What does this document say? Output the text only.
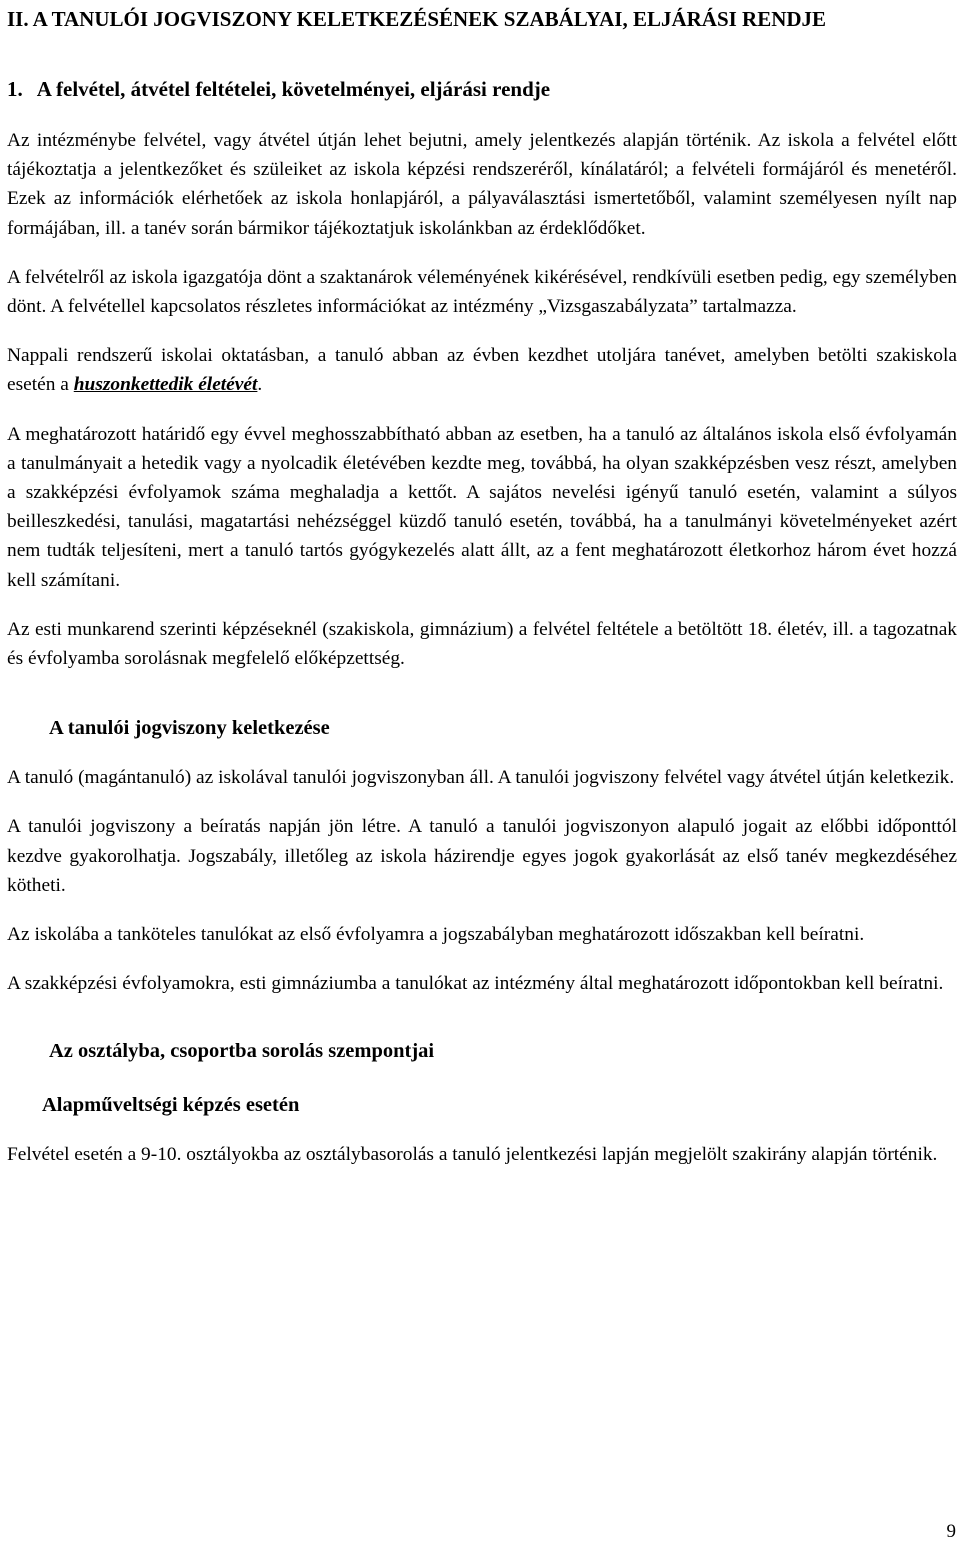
II. A TANULÓI JOGVISZONY KELETKEZÉSÉNEK SZABÁLYAI, ELJÁRÁSI RENDJE
1. A felvétel, átvétel feltételei, követelményei, eljárási rendje

Az intézménybe felvétel, vagy átvétel útján lehet bejutni, amely jelentkezés alapján történik. Az iskola a felvétel előtt tájékoztatja a jelentkezőket és szüleiket az iskola képzési rendszeréről, kínálatáról; a felvételi formájáról és menetéről. Ezek az információk elérhetőek az iskola honlapjáról, a pályaválasztási ismertetőből, valamint személyesen nyílt nap formájában, ill. a tanév során bármikor tájékoztatjuk iskolánkban az érdeklődőket.

A felvételről az iskola igazgatója dönt a szaktanárok véleményének kikérésével, rendkívüli esetben pedig, egy személyben dönt. A felvétellel kapcsolatos részletes információkat az intézmény „Vizsgaszabályzata” tartalmazza.

Nappali rendszerű iskolai oktatásban, a tanuló abban az évben kezdhet utoljára tanévet, amelyben betölti szakiskola esetén a huszonkettedik életévét.

A meghatározott határidő egy évvel meghosszabbítható abban az esetben, ha a tanuló az általános iskola első évfolyamán a tanulmányait a hetedik vagy a nyolcadik életévében kezdte meg, továbbá, ha olyan szakképzésben vesz részt, amelyben a szakképzési évfolyamok száma meghaladja a kettőt. A sajátos nevelési igényű tanuló esetén, valamint a súlyos beilleszkedési, tanulási, magatartási nehézséggel küzdő tanuló esetén, továbbá, ha a tanulmányi követelményeket azért nem tudták teljesíteni, mert a tanuló tartós gyógykezelés alatt állt, az a fent meghatározott életkorhoz három évet hozzá kell számítani.

Az esti munkarend szerinti képzéseknél (szakiskola, gimnázium) a felvétel feltétele a betöltött 18. életév, ill. a tagozatnak és évfolyamba sorolásnak megfelelő előképzettség.

A tanulói jogviszony keletkezése

A tanuló (magántanuló) az iskolával tanulói jogviszonyban áll. A tanulói jogviszony felvétel vagy átvétel útján keletkezik.

A tanulói jogviszony a beíratás napján jön létre. A tanuló a tanulói jogviszonyon alapuló jogait az előbbi időponttól kezdve gyakorolhatja. Jogszabály, illetőleg az iskola házirendje egyes jogok gyakorlását az első tanév megkezdéséhez kötheti.

Az iskolába a tanköteles tanulókat az első évfolyamra a jogszabályban meghatározott időszakban kell beíratni.

A szakképzési évfolyamokra, esti gimnáziumba a tanulókat az intézmény által meghatározott időpontokban kell beíratni.

Az osztályba, csoportba sorolás szempontjai
Alapműveltségi képzés esetén

Felvétel esetén a 9-10. osztályokba az osztálybasorolás a tanuló jelentkezési lapján megjelölt szakirány alapján történik.

9
